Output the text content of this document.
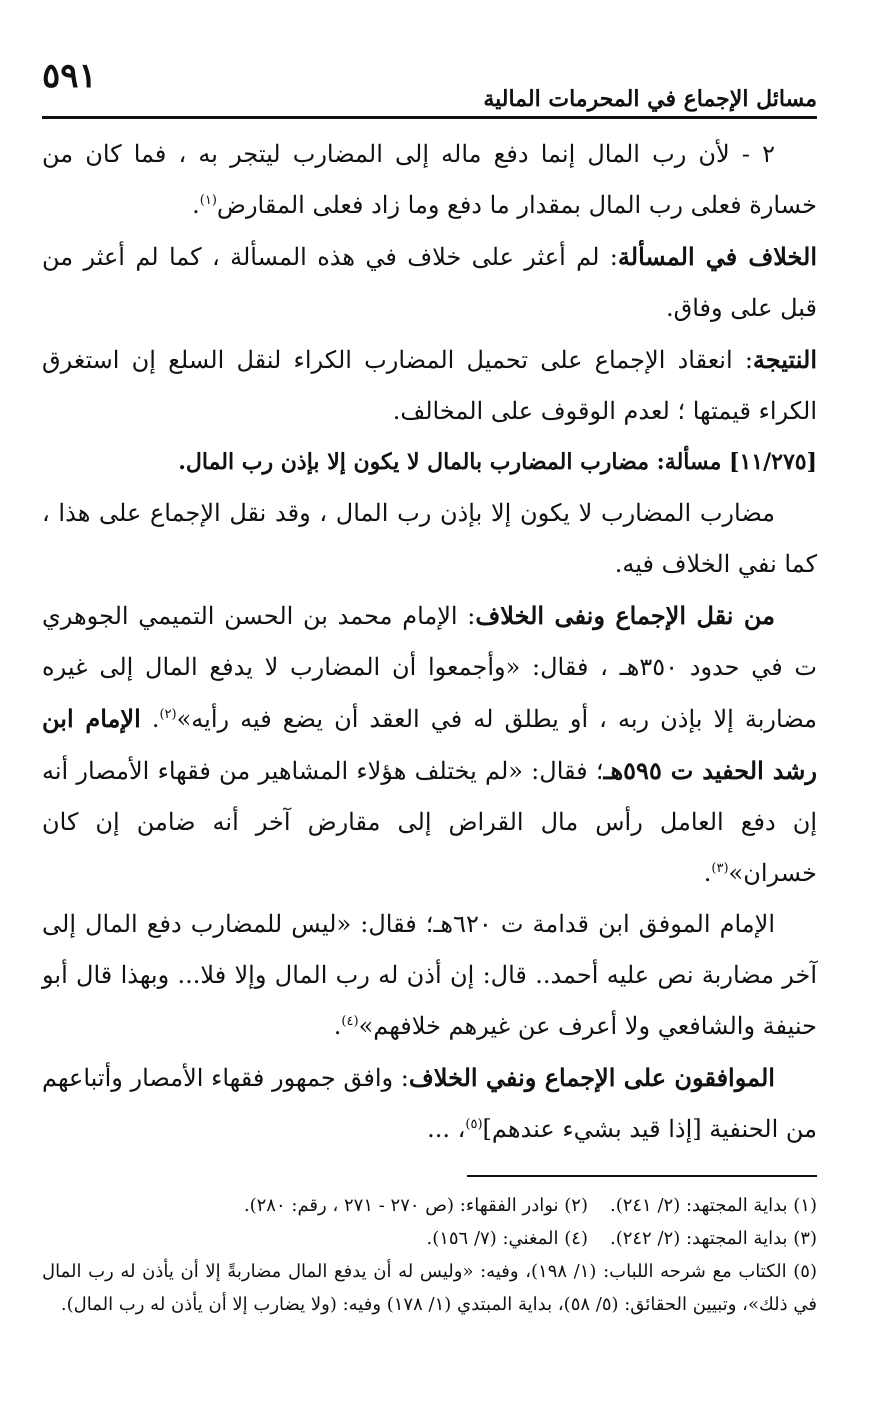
مسائل الإجماع في المحرمات المالية
٥٩١

٢ - لأن رب المال إنما دفع ماله إلى المضارب ليتجر به ، فما كان من خسارة فعلى رب المال بمقدار ما دفع وما زاد فعلى المقارض$^{(١)}$.

الخلاف في المسألة: لم أعثر على خلاف في هذه المسألة ، كما لم أعثر من قبل على وفاق.

النتيجة: انعقاد الإجماع على تحميل المضارب الكراء لنقل السلع إن استغرق الكراء قيمتها ؛ لعدم الوقوف على المخالف.

[١١/٢٧٥] مسألة: مضارب المضارب بالمال لا يكون إلا بإذن رب المال.

مضارب المضارب لا يكون إلا بإذن رب المال ، وقد نقل الإجماع على هذا ، كما نفي الخلاف فيه.

من نقل الإجماع ونفى الخلاف: الإمام محمد بن الحسن التميمي الجوهري ت في حدود ٣٥٠هـ ، فقال: «وأجمعوا أن المضارب لا يدفع المال إلى غيره مضاربة إلا بإذن ربه ، أو يطلق له في العقد أن يضع فيه رأيه»$^{(٢)}$. الإمام ابن رشد الحفيد ت ٥٩٥هـ؛ فقال: «لم يختلف هؤلاء المشاهير من فقهاء الأمصار أنه إن دفع العامل رأس مال القراض إلى مقارض آخر أنه ضامن إن كان خسران»$^{(٣)}$.

الإمام الموفق ابن قدامة ت ٦٢٠هـ؛ فقال: «ليس للمضارب دفع المال إلى آخر مضاربة نص عليه أحمد.. قال: إن أذن له رب المال وإلا فلا... وبهذا قال أبو حنيفة والشافعي ولا أعرف عن غيرهم خلافهم»$^{(٤)}$.

الموافقون على الإجماع ونفي الخلاف: وافق جمهور فقهاء الأمصار وأتباعهم من الحنفية [إذا قيد بشيء عندهم]$^{(٥)}$، ...

(١) بداية المجتهد: (٢/ ٢٤١).
(٢) نوادر الفقهاء: (ص ٢٧٠ - ٢٧١ ، رقم: ٢٨٠).
(٣) بداية المجتهد: (٢/ ٢٤٢).
(٤) المغني: (٧/ ١٥٦).

(٥) الكتاب مع شرحه اللباب: (١/ ١٩٨)، وفيه: «وليس له أن يدفع المال مضاربةً إلا أن يأذن له رب المال في ذلك»، وتبيين الحقائق: (٥/ ٥٨)، بداية المبتدي (١/ ١٧٨) وفيه: (ولا يضارب إلا أن يأذن له رب المال).
